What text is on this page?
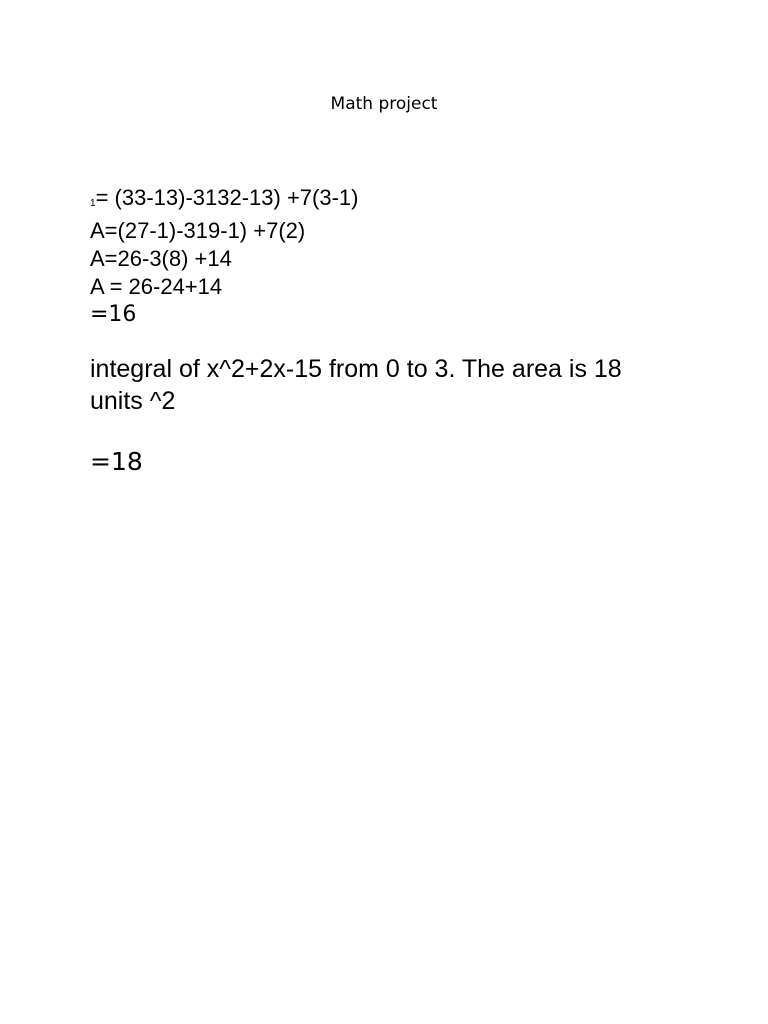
Math project
$^1$= (33-13)-3132-13) +7(3-1)
A=(27-1)-319-1) +7(2)
A=26-3(8) +14
A = 26-24+14
=16
integral of x^2+2x-15 from 0 to 3. The area is 18 units ^2
=18
